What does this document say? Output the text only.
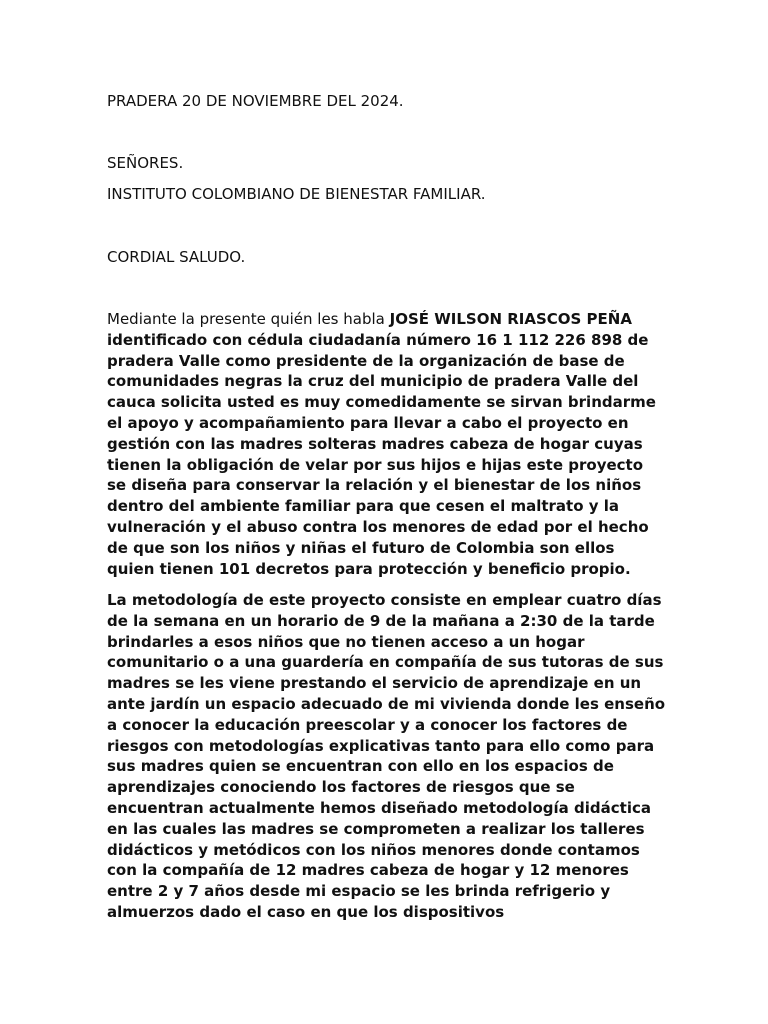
PRADERA 20 DE NOVIEMBRE DEL 2024.

SEÑORES.

INSTITUTO COLOMBIANO DE BIENESTAR FAMILIAR.

CORDIAL SALUDO.

Mediante la presente quién les habla JOSÉ WILSON RIASCOS PEÑA identificado con cédula ciudadanía número 16 1 112 226 898 de pradera Valle como presidente de la organización de base de comunidades negras la cruz del municipio de pradera Valle del cauca solicita usted es muy comedidamente se sirvan brindarme el apoyo y acompañamiento para llevar a cabo el proyecto en gestión con las madres solteras madres cabeza de hogar cuyas tienen la obligación de velar por sus hijos e hijas este proyecto se diseña para conservar la relación y el bienestar de los niños dentro del ambiente familiar para que cesen el maltrato y la vulneración y el abuso contra los menores de edad por el hecho de que son los niños y niñas el futuro de Colombia son ellos quien tienen 101 decretos para protección y beneficio propio.

La metodología de este proyecto consiste en emplear cuatro días de la semana en un horario de 9 de la mañana a 2:30 de la tarde brindarles a esos niños que no tienen acceso a un hogar comunitario o a una guardería en compañía de sus tutoras de sus madres se les viene prestando el servicio de aprendizaje en un ante jardín un espacio adecuado de mi vivienda donde les enseño a conocer la educación preescolar y a conocer los factores de riesgos con metodologías explicativas tanto para ello como para sus madres quien se encuentran con ello en los espacios de aprendizajes conociendo los factores de riesgos que se encuentran actualmente hemos diseñado metodología didáctica en las cuales las madres se comprometen a realizar los talleres didácticos y metódicos con los niños menores donde contamos con la compañía de 12 madres cabeza de hogar y 12 menores entre 2 y 7 años desde mi espacio se les brinda refrigerio y almuerzos dado el caso en que los dispositivos
